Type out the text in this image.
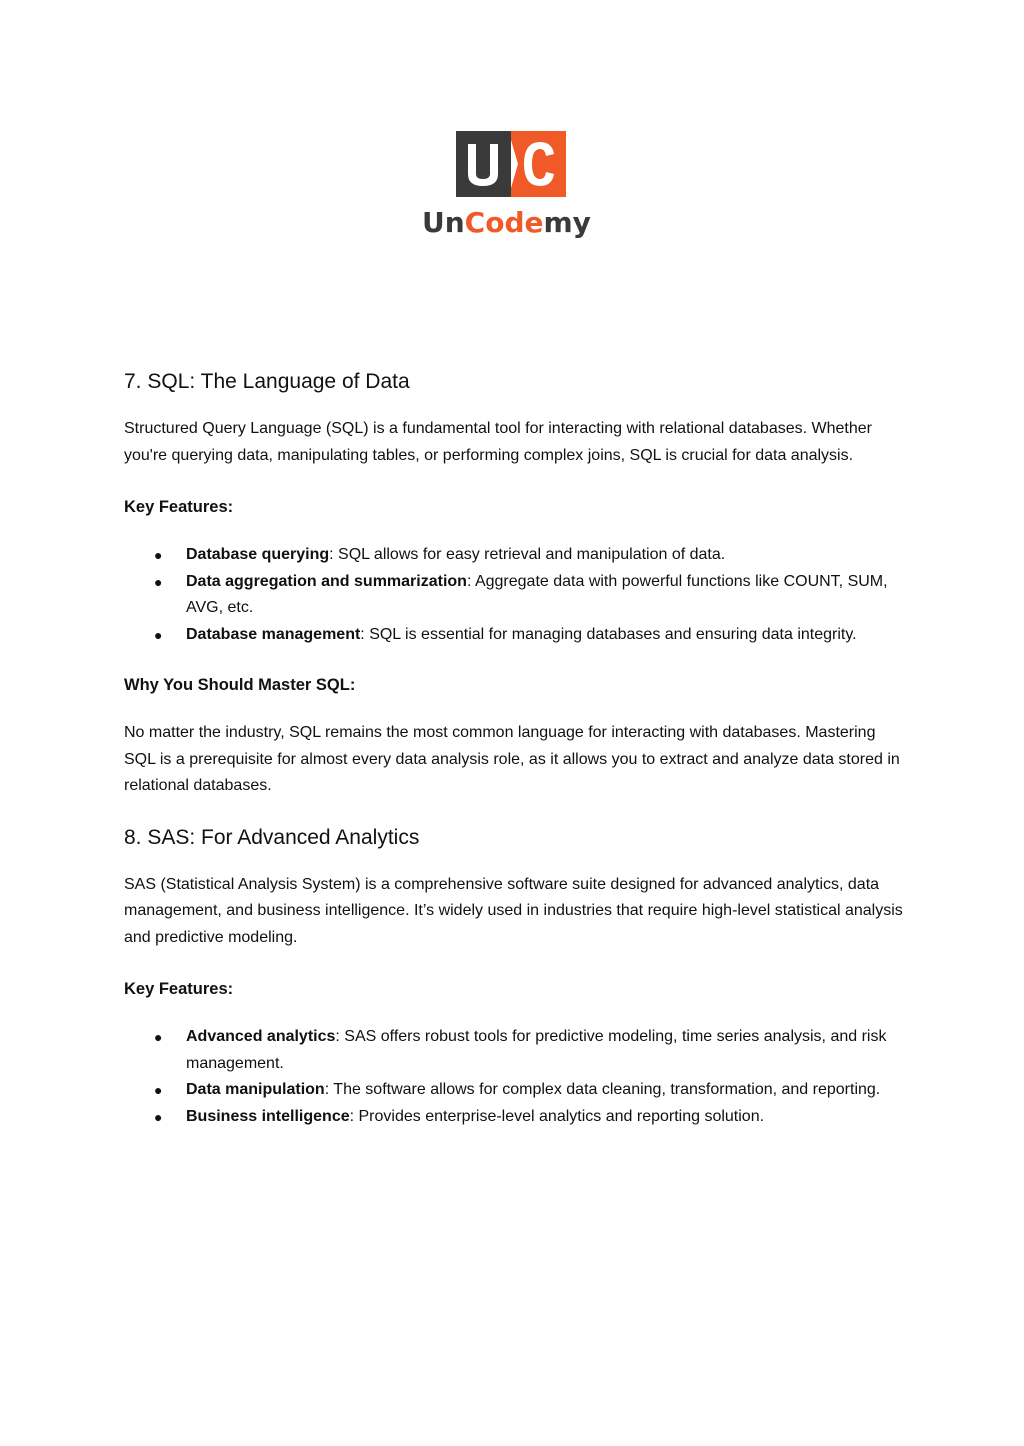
UnCodemy
7. SQL: The Language of Data

Structured Query Language (SQL) is a fundamental tool for interacting with relational databases. Whether you're querying data, manipulating tables, or performing complex joins, SQL is crucial for data analysis.

Key Features:
● Database querying: SQL allows for easy retrieval and manipulation of data.
● Data aggregation and summarization: Aggregate data with powerful functions like COUNT, SUM, AVG, etc.
● Database management: SQL is essential for managing databases and ensuring data integrity.
Why You Should Master SQL:

No matter the industry, SQL remains the most common language for interacting with databases. Mastering SQL is a prerequisite for almost every data analysis role, as it allows you to extract and analyze data stored in relational databases.

8. SAS: For Advanced Analytics

SAS (Statistical Analysis System) is a comprehensive software suite designed for advanced analytics, data management, and business intelligence. It’s widely used in industries that require high-level statistical analysis and predictive modeling.

Key Features:
● Advanced analytics: SAS offers robust tools for predictive modeling, time series analysis, and risk management.
● Data manipulation: The software allows for complex data cleaning, transformation, and reporting.
● Business intelligence: Provides enterprise-level analytics and reporting solution.
